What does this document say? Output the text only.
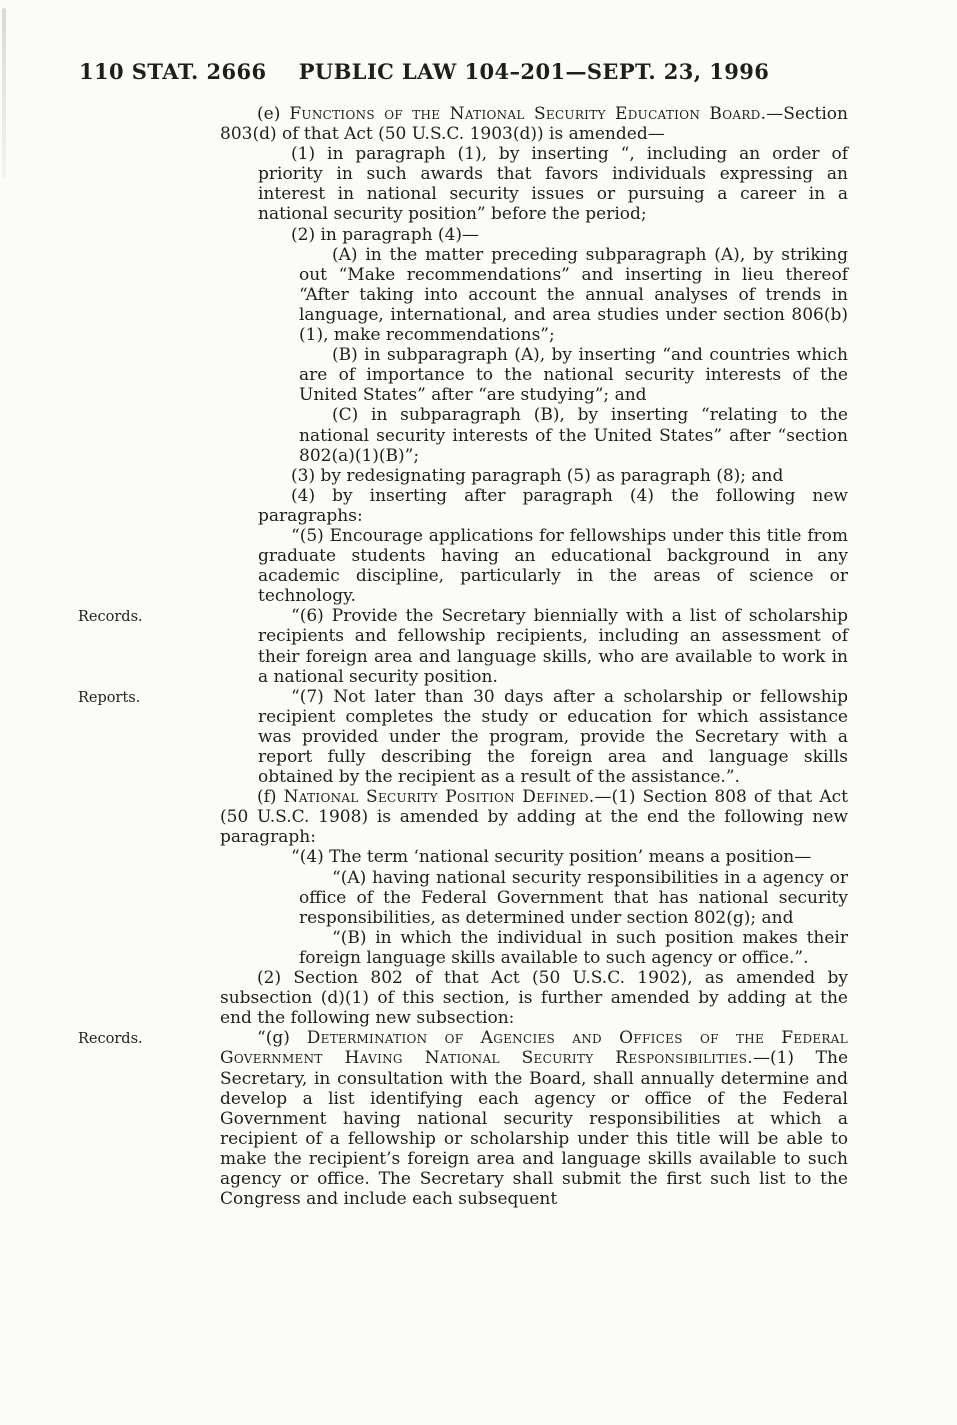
110 STAT. 2666	PUBLIC LAW 104–201—SEPT. 23, 1996

(e) Functions of the National Security Education Board.—Section 803(d) of that Act (50 U.S.C. 1903(d)) is amended—

(1) in paragraph (1), by inserting “, including an order of priority in such awards that favors individuals expressing an interest in national security issues or pursuing a career in a national security position” before the period;

(2) in paragraph (4)—

(A) in the matter preceding subparagraph (A), by striking out “Make recommendations” and inserting in lieu thereof “After taking into account the annual analyses of trends in language, international, and area studies under section 806(b)(1), make recommendations”;

(B) in subparagraph (A), by inserting “and countries which are of importance to the national security interests of the United States” after “are studying”; and

(C) in subparagraph (B), by inserting “relating to the national security interests of the United States” after “section 802(a)(1)(B)”;

(3) by redesignating paragraph (5) as paragraph (8); and

(4) by inserting after paragraph (4) the following new paragraphs:

“(5) Encourage applications for fellowships under this title from graduate students having an educational background in any academic discipline, particularly in the areas of science or technology.

Records.	“(6) Provide the Secretary biennially with a list of scholarship recipients and fellowship recipients, including an assessment of their foreign area and language skills, who are available to work in a national security position.

Reports.	“(7) Not later than 30 days after a scholarship or fellowship recipient completes the study or education for which assistance was provided under the program, provide the Secretary with a report fully describing the foreign area and language skills obtained by the recipient as a result of the assistance.”.

(f) National Security Position Defined.—(1) Section 808 of that Act (50 U.S.C. 1908) is amended by adding at the end the following new paragraph:

“(4) The term ‘national security position’ means a position—

“(A) having national security responsibilities in a agency or office of the Federal Government that has national security responsibilities, as determined under section 802(g); and

“(B) in which the individual in such position makes their foreign language skills available to such agency or office.”.

(2) Section 802 of that Act (50 U.S.C. 1902), as amended by subsection (d)(1) of this section, is further amended by adding at the end the following new subsection:

Records.	“(g) Determination of Agencies and Offices of the Federal Government Having National Security Responsibilities.—(1) The Secretary, in consultation with the Board, shall annually determine and develop a list identifying each agency or office of the Federal Government having national security responsibilities at which a recipient of a fellowship or scholarship under this title will be able to make the recipient’s foreign area and language skills available to such agency or office. The Secretary shall submit the first such list to the Congress and include each subsequent
